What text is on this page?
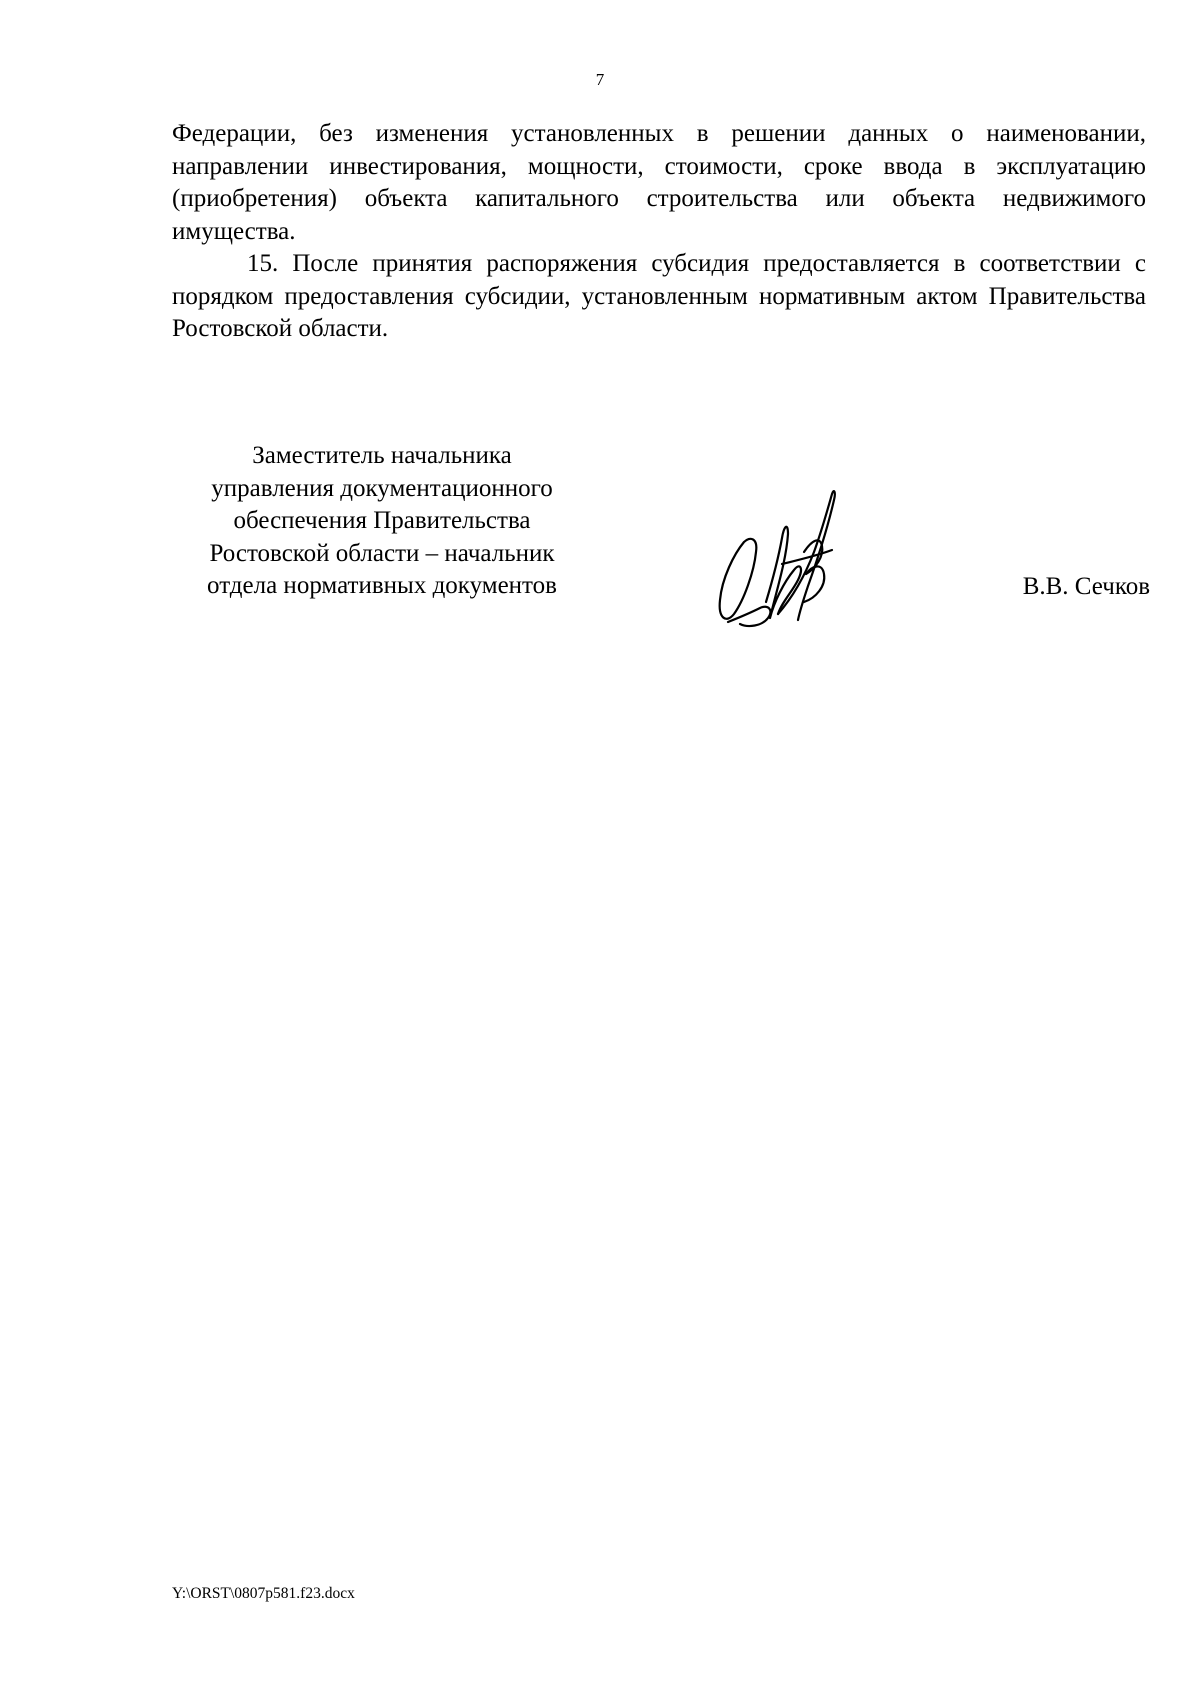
7

Федерации, без изменения установленных в решении данных о наименовании, направлении инвестирования, мощности, стоимости, сроке ввода в эксплуатацию (приобретения) объекта капитального строительства или объекта недвижимого имущества.

15. После принятия распоряжения субсидия предоставляется в соответствии с порядком предоставления субсидии, установленным нормативным актом Правительства Ростовской области.

Заместитель начальника
управления документационного
обеспечения Правительства
Ростовской области – начальник
отдела нормативных документов	В.В. Сечков
Y:\ORST\0807p581.f23.docx
